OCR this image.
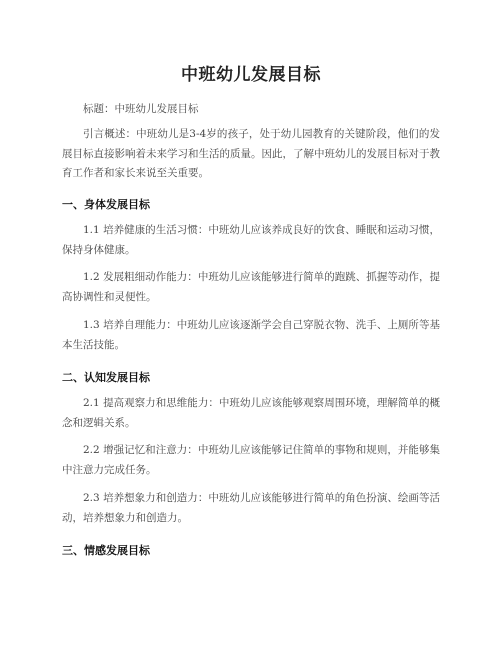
中班幼儿发展目标
标题：中班幼儿发展目标
引言概述：中班幼儿是3-4岁的孩子，处于幼儿园教育的关键阶段，他们的发展目标直接影响着未来学习和生活的质量。因此，了解中班幼儿的发展目标对于教育工作者和家长来说至关重要。
一、身体发展目标
1.1 培养健康的生活习惯：中班幼儿应该养成良好的饮食、睡眠和运动习惯，保持身体健康。
1.2 发展粗细动作能力：中班幼儿应该能够进行简单的跑跳、抓握等动作，提高协调性和灵便性。
1.3 培养自理能力：中班幼儿应该逐渐学会自己穿脱衣物、洗手、上厕所等基本生活技能。
二、认知发展目标
2.1 提高观察力和思维能力：中班幼儿应该能够观察周围环境，理解简单的概念和逻辑关系。
2.2 增强记忆和注意力：中班幼儿应该能够记住简单的事物和规则，并能够集中注意力完成任务。
2.3 培养想象力和创造力：中班幼儿应该能够进行简单的角色扮演、绘画等活动，培养想象力和创造力。
三、情感发展目标
